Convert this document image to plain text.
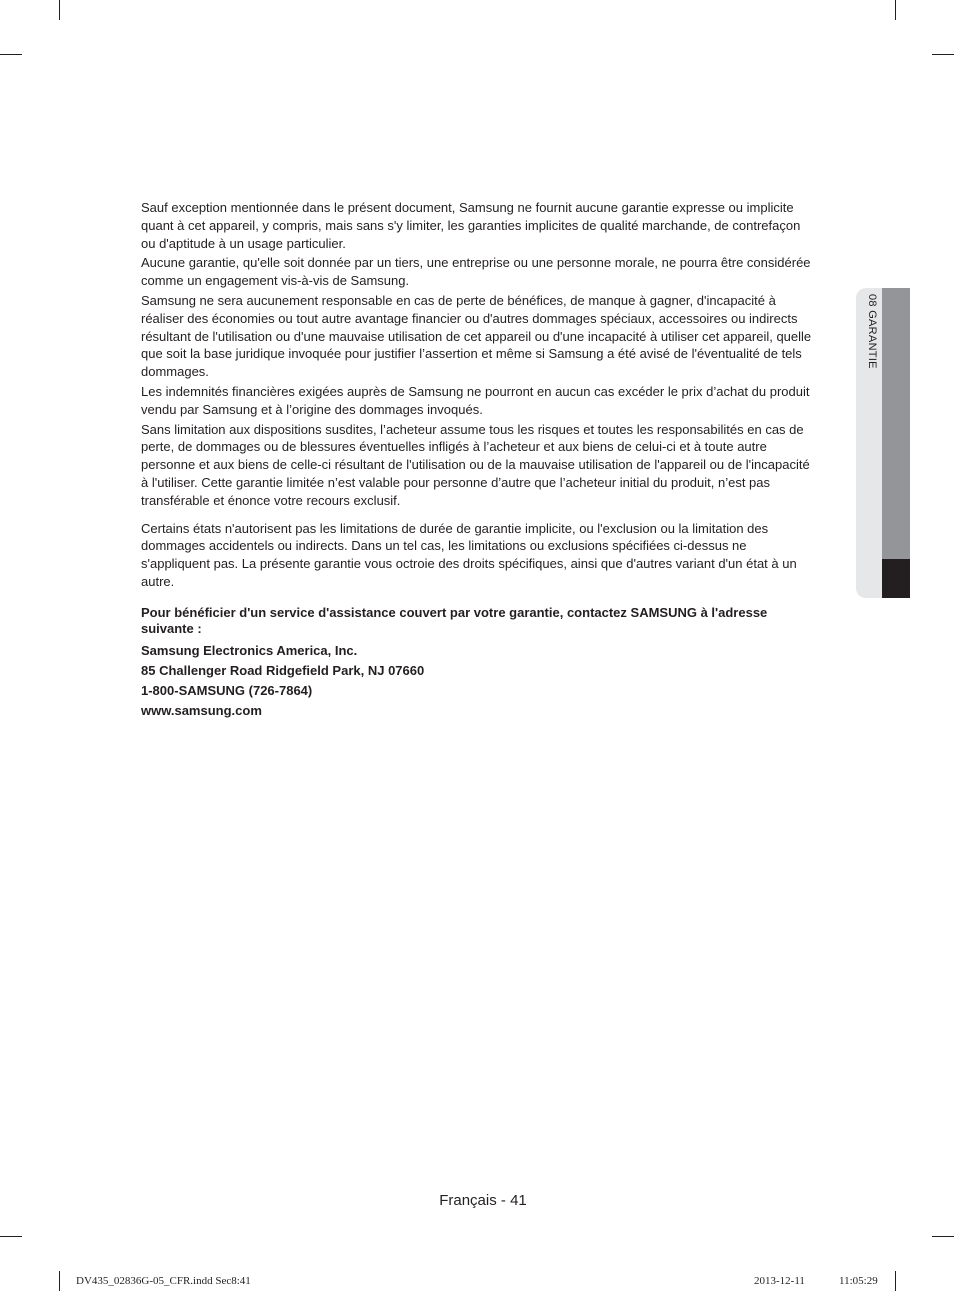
Sauf exception mentionnée dans le présent document, Samsung ne fournit aucune garantie expresse ou implicite quant à cet appareil, y compris, mais sans s'y limiter, les garanties implicites de qualité marchande, de contrefaçon ou d'aptitude à un usage particulier.

Aucune garantie, qu'elle soit donnée par un tiers, une entreprise ou une personne morale, ne pourra être considérée comme un engagement vis-à-vis de Samsung.

Samsung ne sera aucunement responsable en cas de perte de bénéfices, de manque à gagner, d'incapacité à réaliser des économies ou tout autre avantage financier ou d'autres dommages spéciaux, accessoires ou indirects résultant de l'utilisation ou d'une mauvaise utilisation de cet appareil ou d'une incapacité à utiliser cet appareil, quelle que soit la base juridique invoquée pour justifier l’assertion et même si Samsung a été avisé de l'éventualité de tels dommages.

Les indemnités financières exigées auprès de Samsung ne pourront en aucun cas excéder le prix d’achat du produit vendu par Samsung et à l’origine des dommages invoqués.

Sans limitation aux dispositions susdites, l’acheteur assume tous les risques et toutes les responsabilités en cas de perte, de dommages ou de blessures éventuelles infligés à l’acheteur et aux biens de celui-ci et à toute autre personne et aux biens de celle-ci résultant de l'utilisation ou de la mauvaise utilisation de l'appareil ou de l'incapacité à l'utiliser. Cette garantie limitée n’est valable pour personne d’autre que l’acheteur initial du produit, n’est pas transférable et énonce votre recours exclusif.

Certains états n'autorisent pas les limitations de durée de garantie implicite, ou l'exclusion ou la limitation des dommages accidentels ou indirects. Dans un tel cas, les limitations ou exclusions spécifiées ci-dessus ne s'appliquent pas. La présente garantie vous octroie des droits spécifiques, ainsi que d'autres variant d'un état à un autre.

Pour bénéficier d'un service d'assistance couvert par votre garantie, contactez SAMSUNG à l'adresse suivante :
Samsung Electronics America, Inc.
85 Challenger Road Ridgefield Park, NJ 07660
1-800-SAMSUNG (726-7864)
www.samsung.com
08 GARANTIE
Français - 41
DV435_02836G-05_CFR.indd Sec8:41	2013-12-11	11:05:29
